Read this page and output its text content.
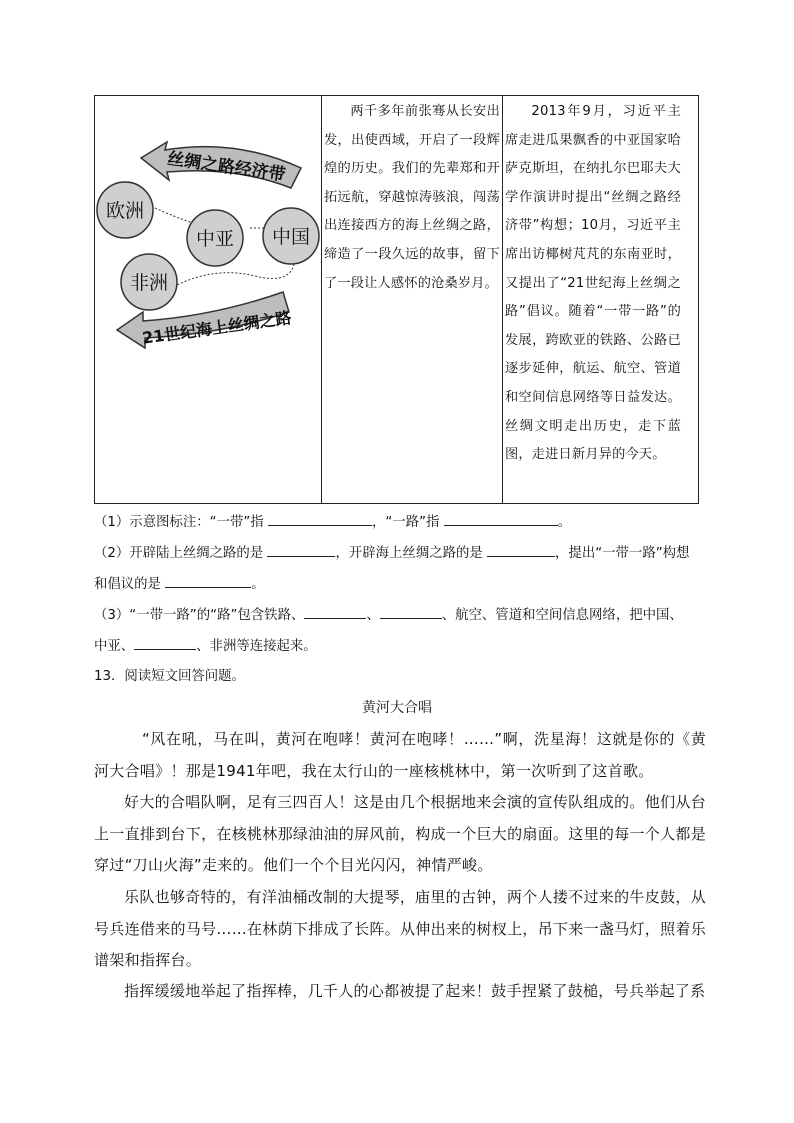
丝绸之路经济带
欧洲
中亚 中国
非洲
21世纪海上丝绸之路

两千多年前张骞从长安出发，出使西域，开启了一段辉煌的历史。我们的先辈郑和开拓远航，穿越惊涛骇浪，闯荡出连接西方的海上丝绸之路，缔造了一段久远的故事，留下了一段让人感怀的沧桑岁月。

2013年9月，习近平主席走进瓜果飘香的中亚国家哈萨克斯坦，在纳扎尔巴耶夫大学作演讲时提出“丝绸之路经济带”构想；10月，习近平主席出访椰树芃芃的东南亚时，又提出了“21世纪海上丝绸之路”倡议。随着“一带一路”的发展，跨欧亚的铁路、公路已逐步延伸，航运、航空、管道和空间信息网络等日益发达。丝绸文明走出历史，走下蓝图，走进日新月异的今天。

（1）示意图标注：“一带”指	，“一路”指	。
（2）开辟陆上丝绸之路的是	，开辟海上丝绸之路的是	，提出“一带一路”构想
和倡议的是	。
（3）“一带一路”的“路”包含铁路、	、	、航空、管道和空间信息网络，把中国、
中亚、	、非洲等连接起来。
13．阅读短文回答问题。
黄河大合唱

“风在吼，马在叫，黄河在咆哮！黄河在咆哮！……”啊，洗星海！这就是你的《黄河大合唱》！那是1941年吧，我在太行山的一座核桃林中，第一次听到了这首歌。

好大的合唱队啊，足有三四百人！这是由几个根据地来会演的宣传队组成的。他们从台上一直排到台下，在核桃林那绿油油的屏风前，构成一个巨大的扇面。这里的每一个人都是穿过“刀山火海”走来的。他们一个个目光闪闪，神情严峻。

乐队也够奇特的，有洋油桶改制的大提琴，庙里的古钟，两个人搂不过来的牛皮鼓，从号兵连借来的马号……在林荫下排成了长阵。从伸出来的树杈上，吊下来一盏马灯，照着乐谱架和指挥台。

指挥缓缓地举起了指挥棒，几千人的心都被提了起来！鼓手捏紧了鼓槌，号兵举起了系
